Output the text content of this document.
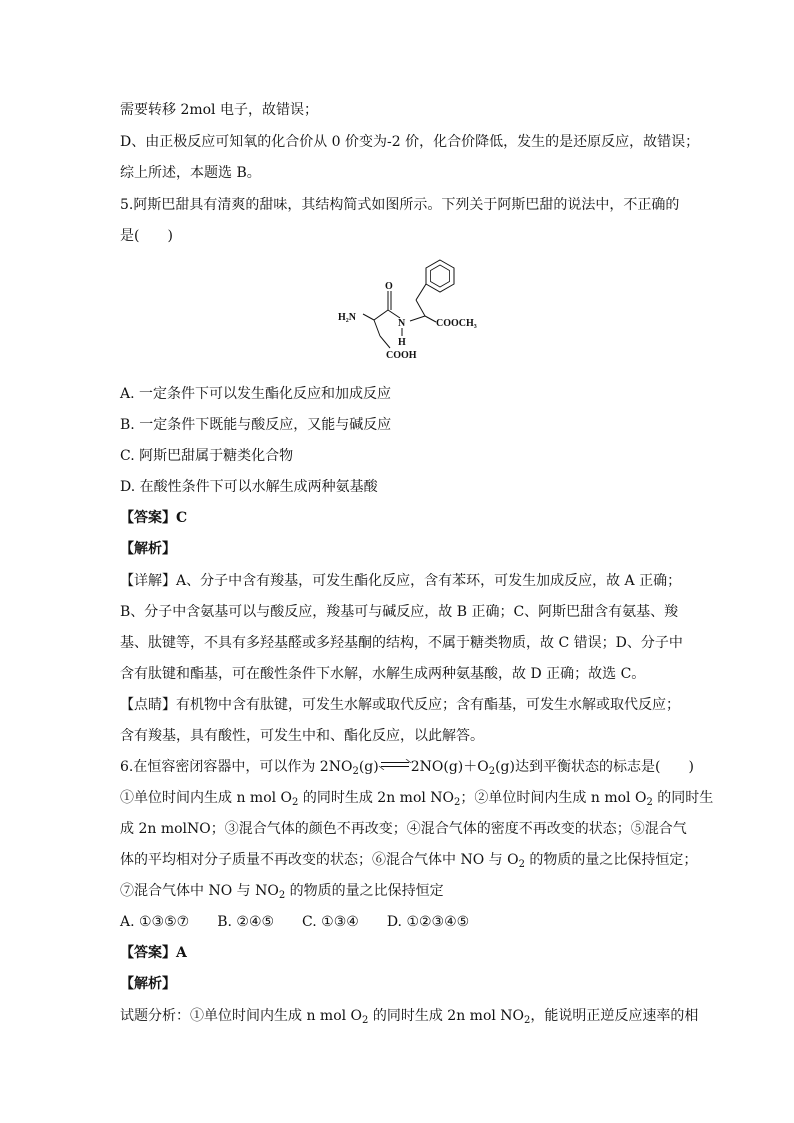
需要转移 2mol 电子，故错误；
D、由正极反应可知氧的化合价从 0 价变为-2 价，化合价降低，发生的是还原反应，故错误；
综上所述，本题选 B。
5.阿斯巴甜具有清爽的甜味，其结构简式如图所示。下列关于阿斯巴甜的说法中，不正确的
是(　　)
H₂N
O
N
H
COOCH₃
COOH
A. 一定条件下可以发生酯化反应和加成反应
B. 一定条件下既能与酸反应，又能与碱反应
C. 阿斯巴甜属于糖类化合物
D. 在酸性条件下可以水解生成两种氨基酸
【答案】C
【解析】
【详解】A、分子中含有羧基，可发生酯化反应，含有苯环，可发生加成反应，故 A 正确；
B、分子中含氨基可以与酸反应，羧基可与碱反应，故 B 正确；C、阿斯巴甜含有氨基、羧
基、肽键等，不具有多羟基醛或多羟基酮的结构，不属于糖类物质，故 C 错误；D、分子中
含有肽键和酯基，可在酸性条件下水解，水解生成两种氨基酸，故 D 正确；故选 C。
【点睛】有机物中含有肽键，可发生水解或取代反应；含有酯基，可发生水解或取代反应；
含有羧基，具有酸性，可发生中和、酯化反应，以此解答。
6.在恒容密闭容器中，可以作为 $2NO_2(g)$ $2NO(g)+O_2(g)$达到平衡状态的标志是(　　)
①单位时间内生成 n mol $O_2$ 的同时生成 2n mol $NO_2$；②单位时间内生成 n mol $O_2$ 的同时生
成 2n molNO；③混合气体的颜色不再改变；④混合气体的密度不再改变的状态；⑤混合气
体的平均相对分子质量不再改变的状态；⑥混合气体中 NO 与 $O_2$ 的物质的量之比保持恒定；
⑦混合气体中 NO 与 $NO_2$ 的物质的量之比保持恒定
A. ①③⑤⑦　　B. ②④⑤　　C. ①③④　　D. ①②③④⑤
【答案】A
【解析】
试题分析：①单位时间内生成 n mol $O_2$ 的同时生成 2n mol $NO_2$，能说明正逆反应速率的相
